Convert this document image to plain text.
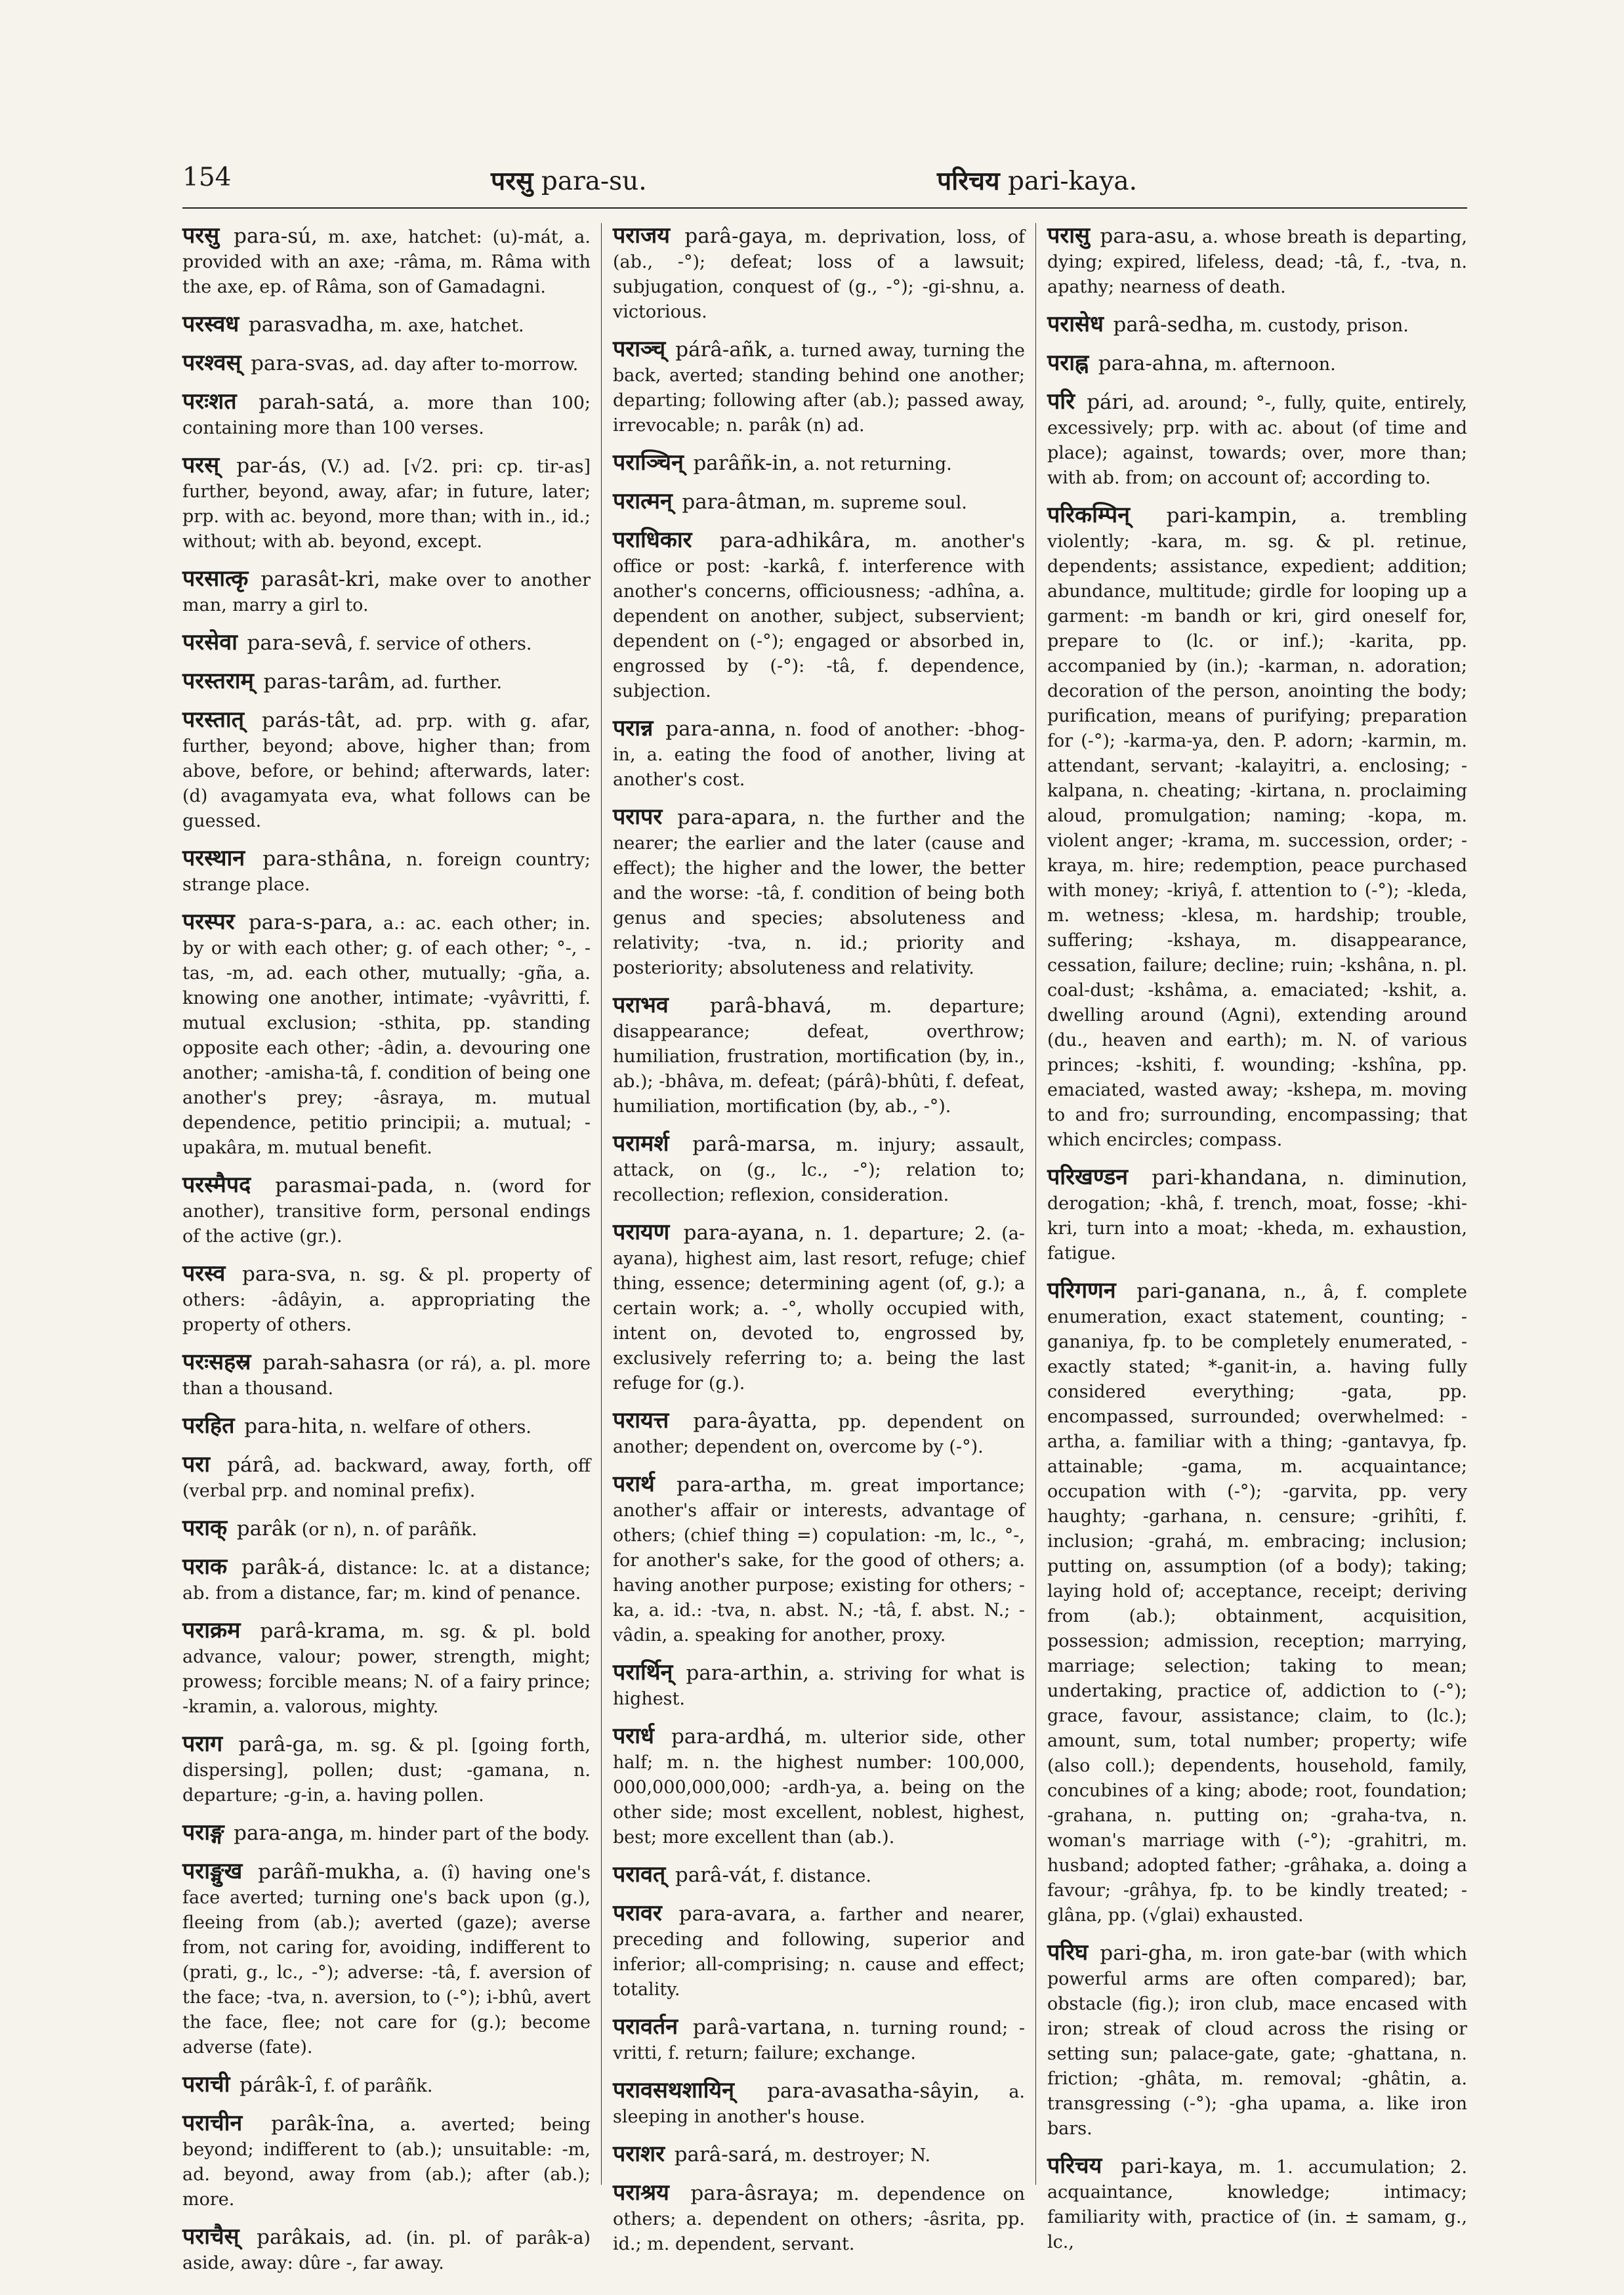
154	परसु para-su.	परिचय pari-kaya.

परसु para-sú, m. axe, hatchet: (u)-mát, a. provided with an axe; -râma, m. Râma with the axe, ep. of Râma, son of Gamadagni.

परस्वध parasvadha, m. axe, hatchet.

परश्वस् para-svas, ad. day after to-morrow.

परःशत parah-satá, a. more than 100; containing more than 100 verses.

परस् par-ás, (V.) ad. [√2. pri: cp. tir-as] further, beyond, away, afar; in future, later; prp. with ac. beyond, more than; with in., id.; without; with ab. beyond, except.

परसात्कृ parasât-kri, make over to another man, marry a girl to.

परसेवा para-sevâ, f. service of others.

परस्तराम् paras-tarâm, ad. further.

परस्तात् parás-tât, ad. prp. with g. afar, further, beyond; above, higher than; from above, before, or behind; afterwards, later: (d) avagamyata eva, what follows can be guessed.

परस्थान para-sthâna, n. foreign country; strange place.

परस्पर para-s-para, a.: ac. each other; in. by or with each other; g. of each other; °-, -tas, -m, ad. each other, mutually; -gña, a. knowing one another, intimate; -vyâvritti, f. mutual exclusion; -sthita, pp. standing opposite each other; -âdin, a. devouring one another; -amisha-tâ, f. condition of being one another's prey; -âsraya, m. mutual dependence, petitio principii; a. mutual; -upakâra, m. mutual benefit.

परस्मैपद parasmai-pada, n. (word for another), transitive form, personal endings of the active (gr.).

परस्व para-sva, n. sg. & pl. property of others: -âdâyin, a. appropriating the property of others.

परःसहस्र parah-sahasra (or rá), a. pl. more than a thousand.

परहित para-hita, n. welfare of others.

परा párâ, ad. backward, away, forth, off (verbal prp. and nominal prefix).

पराक् parâk (or n), n. of parâñk.

पराक parâk-á, distance: lc. at a distance; ab. from a distance, far; m. kind of penance.

पराक्रम parâ-krama, m. sg. & pl. bold advance, valour; power, strength, might; prowess; forcible means; N. of a fairy prince; -kramin, a. valorous, mighty.

पराग parâ-ga, m. sg. & pl. [going forth, dispersing], pollen; dust; -gamana, n. departure; -g-in, a. having pollen.

पराङ्ग para-anga, m. hinder part of the body.

पराङ्मुख parâñ-mukha, a. (î) having one's face averted; turning one's back upon (g.), fleeing from (ab.); averted (gaze); averse from, not caring for, avoiding, indifferent to (prati, g., lc., -°); adverse: -tâ, f. aversion of the face; -tva, n. aversion, to (-°); i-bhû, avert the face, flee; not care for (g.); become adverse (fate).

पराची párâk-î, f. of parâñk.

पराचीन parâk-îna, a. averted; being beyond; indifferent to (ab.); unsuitable: -m, ad. beyond, away from (ab.); after (ab.); more.

पराचैस् parâkais, ad. (in. pl. of parâk-a) aside, away: dûre -, far away.

पराजय parâ-gaya, m. deprivation, loss, of (ab., -°); defeat; loss of a lawsuit; subjugation, conquest of (g., -°); -gi-shnu, a. victorious.

पराञ्च् párâ-añk, a. turned away, turning the back, averted; standing behind one another; departing; following after (ab.); passed away, irrevocable; n. parâk (n) ad.

पराञ्चिन् parâñk-in, a. not returning.

परात्मन् para-âtman, m. supreme soul.

पराधिकार para-adhikâra, m. another's office or post: -karkâ, f. interference with another's concerns, officiousness; -adhîna, a. dependent on another, subject, subservient; dependent on (-°); engaged or absorbed in, engrossed by (-°): -tâ, f. dependence, subjection.

परान्न para-anna, n. food of another: -bhog-in, a. eating the food of another, living at another's cost.

परापर para-apara, n. the further and the nearer; the earlier and the later (cause and effect); the higher and the lower, the better and the worse: -tâ, f. condition of being both genus and species; absoluteness and relativity; -tva, n. id.; priority and posteriority; absoluteness and relativity.

पराभव parâ-bhavá, m. departure; disappearance; defeat, overthrow; humiliation, frustration, mortification (by, in., ab.); -bhâva, m. defeat; (párâ)-bhûti, f. defeat, humiliation, mortification (by, ab., -°).

परामर्श parâ-marsa, m. injury; assault, attack, on (g., lc., -°); relation to; recollection; reflexion, consideration.

परायण para-ayana, n. 1. departure; 2. (a-ayana), highest aim, last resort, refuge; chief thing, essence; determining agent (of, g.); a certain work; a. -°, wholly occupied with, intent on, devoted to, engrossed by, exclusively referring to; a. being the last refuge for (g.).

परायत्त para-âyatta, pp. dependent on another; dependent on, overcome by (-°).

परार्थ para-artha, m. great importance; another's affair or interests, advantage of others; (chief thing =) copulation: -m, lc., °-, for another's sake, for the good of others; a. having another purpose; existing for others; -ka, a. id.: -tva, n. abst. N.; -tâ, f. abst. N.; -vâdin, a. speaking for another, proxy.

परार्थिन् para-arthin, a. striving for what is highest.

परार्ध para-ardhá, m. ulterior side, other half; m. n. the highest number: 100,000, 000,000,000,000; -ardh-ya, a. being on the other side; most excellent, noblest, highest, best; more excellent than (ab.).

परावत् parâ-vát, f. distance.

परावर para-avara, a. farther and nearer, preceding and following, superior and inferior; all-comprising; n. cause and effect; totality.

परावर्तन parâ-vartana, n. turning round; -vritti, f. return; failure; exchange.

परावसथशायिन् para-avasatha-sâyin, a. sleeping in another's house.

पराशर parâ-sará, m. destroyer; N.

पराश्रय para-âsraya; m. dependence on others; a. dependent on others; -âsrita, pp. id.; m. dependent, servant.

परासु para-asu, a. whose breath is departing, dying; expired, lifeless, dead; -tâ, f., -tva, n. apathy; nearness of death.

परासेध parâ-sedha, m. custody, prison.

पराह्न para-ahna, m. afternoon.

परि pári, ad. around; °-, fully, quite, entirely, excessively; prp. with ac. about (of time and place); against, towards; over, more than; with ab. from; on account of; according to.

परिकम्पिन् pari-kampin, a. trembling violently; -kara, m. sg. & pl. retinue, dependents; assistance, expedient; addition; abundance, multitude; girdle for looping up a garment: -m bandh or kri, gird oneself for, prepare to (lc. or inf.); -karita, pp. accompanied by (in.); -karman, n. adoration; decoration of the person, anointing the body; purification, means of purifying; preparation for (-°); -karma-ya, den. P. adorn; -karmin, m. attendant, servant; -kalayitri, a. enclosing; -kalpana, n. cheating; -kirtana, n. proclaiming aloud, promulgation; naming; -kopa, m. violent anger; -krama, m. succession, order; -kraya, m. hire; redemption, peace purchased with money; -kriyâ, f. attention to (-°); -kleda, m. wetness; -klesa, m. hardship; trouble, suffering; -kshaya, m. disappearance, cessation, failure; decline; ruin; -kshâna, n. pl. coal-dust; -kshâma, a. emaciated; -kshit, a. dwelling around (Agni), extending around (du., heaven and earth); m. N. of various princes; -kshiti, f. wounding; -kshîna, pp. emaciated, wasted away; -kshepa, m. moving to and fro; surrounding, encompassing; that which encircles; compass.

परिखण्डन pari-khandana, n. diminution, derogation; -khâ, f. trench, moat, fosse; -khi-kri, turn into a moat; -kheda, m. exhaustion, fatigue.

परिगणन pari-ganana, n., â, f. complete enumeration, exact statement, counting; -gananiya, fp. to be completely enumerated, - exactly stated; *-ganit-in, a. having fully considered everything; -gata, pp. encompassed, surrounded; overwhelmed: -artha, a. familiar with a thing; -gantavya, fp. attainable; -gama, m. acquaintance; occupation with (-°); -garvita, pp. very haughty; -garhana, n. censure; -grihîti, f. inclusion; -grahá, m. embracing; inclusion; putting on, assumption (of a body); taking; laying hold of; acceptance, receipt; deriving from (ab.); obtainment, acquisition, possession; admission, reception; marrying, marriage; selection; taking to mean; undertaking, practice of, addiction to (-°); grace, favour, assistance; claim, to (lc.); amount, sum, total number; property; wife (also coll.); dependents, household, family, concubines of a king; abode; root, foundation; -grahana, n. putting on; -graha-tva, n. woman's marriage with (-°); -grahitri, m. husband; adopted father; -grâhaka, a. doing a favour; -grâhya, fp. to be kindly treated; -glâna, pp. (√glai) exhausted.

परिघ pari-gha, m. iron gate-bar (with which powerful arms are often compared); bar, obstacle (fig.); iron club, mace encased with iron; streak of cloud across the rising or setting sun; palace-gate, gate; -ghattana, n. friction; -ghâta, m. removal; -ghâtin, a. transgressing (-°); -gha upama, a. like iron bars.

परिचय pari-kaya, m. 1. accumulation; 2. acquaintance, knowledge; intimacy; familiarity with, practice of (in. ± samam, g., lc.,
